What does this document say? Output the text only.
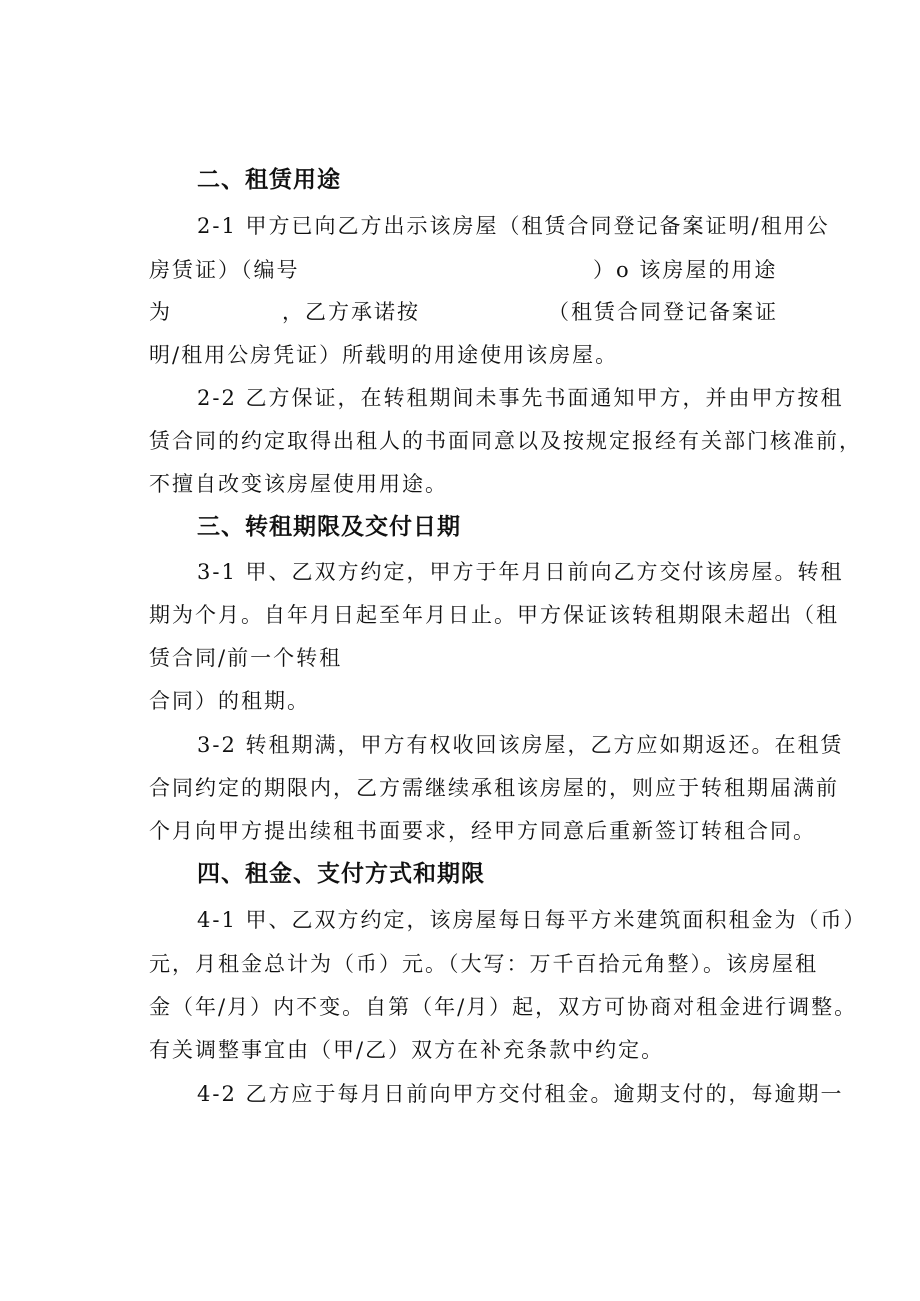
二、租赁用途
2-1 甲方已向乙方出示该房屋（租赁合同登记备案证明/租用公
房赁证）（编号	）o 该房屋的用途
为	，乙方承诺按	（租赁合同登记备案证
明/租用公房凭证）所载明的用途使用该房屋。
2-2 乙方保证，在转租期间未事先书面通知甲方，并由甲方按租
赁合同的约定取得出租人的书面同意以及按规定报经有关部门核准前，
不擅自改变该房屋使用用途。
三、转租期限及交付日期
3-1 甲、乙双方约定，甲方于年月日前向乙方交付该房屋。转租
期为个月。自年月日起至年月日止。甲方保证该转租期限未超出（租
赁合同/前一个转租
合同）的租期。
3-2 转租期满，甲方有权收回该房屋，乙方应如期返还。在租赁
合同约定的期限内，乙方需继续承租该房屋的，则应于转租期届满前
个月向甲方提出续租书面要求，经甲方同意后重新签订转租合同。
四、租金、支付方式和期限
4-1 甲、乙双方约定，该房屋每日每平方米建筑面积租金为（币）
元，月租金总计为（币）元。（大写：万千百拾元角整）。该房屋租
金（年/月）内不变。自第（年/月）起，双方可协商对租金进行调整。
有关调整事宜由（甲/乙）双方在补充条款中约定。
4-2 乙方应于每月日前向甲方交付租金。逾期支付的，每逾期一
